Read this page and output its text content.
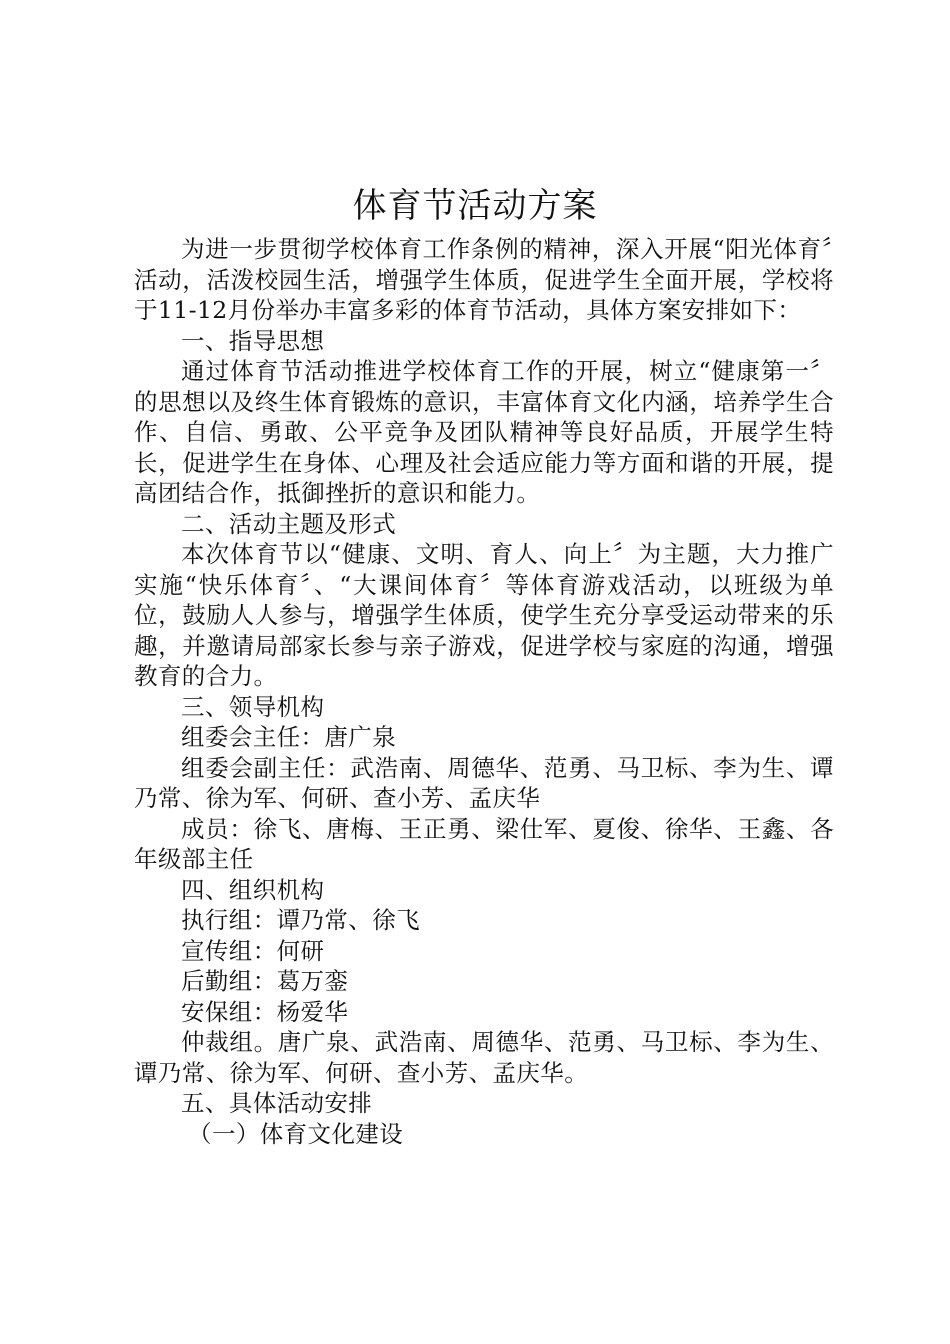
体育节活动方案

为进一步贯彻学校体育工作条例的精神，深入开展“阳光体育〞活动，活泼校园生活，增强学生体质，促进学生全面开展，学校将于11-12月份举办丰富多彩的体育节活动，具体方案安排如下：

一、指导思想

通过体育节活动推进学校体育工作的开展，树立“健康第一〞的思想以及终生体育锻炼的意识，丰富体育文化内涵，培养学生合作、自信、勇敢、公平竞争及团队精神等良好品质，开展学生特长，促进学生在身体、心理及社会适应能力等方面和谐的开展，提高团结合作，抵御挫折的意识和能力。

二、活动主题及形式

本次体育节以“健康、文明、育人、向上〞为主题，大力推广实施“快乐体育〞、“大课间体育〞等体育游戏活动，以班级为单位，鼓励人人参与，增强学生体质，使学生充分享受运动带来的乐趣，并邀请局部家长参与亲子游戏，促进学校与家庭的沟通，增强教育的合力。

三、领导机构

组委会主任：唐广泉

组委会副主任：武浩南、周德华、范勇、马卫标、李为生、谭乃常、徐为军、何研、查小芳、孟庆华

成员：徐飞、唐梅、王正勇、梁仕军、夏俊、徐华、王鑫、各年级部主任

四、组织机构

执行组：谭乃常、徐飞

宣传组：何研

后勤组：葛万銮

安保组：杨爱华

仲裁组。唐广泉、武浩南、周德华、范勇、马卫标、李为生、谭乃常、徐为军、何研、查小芳、孟庆华。

五、具体活动安排

（一）体育文化建设
